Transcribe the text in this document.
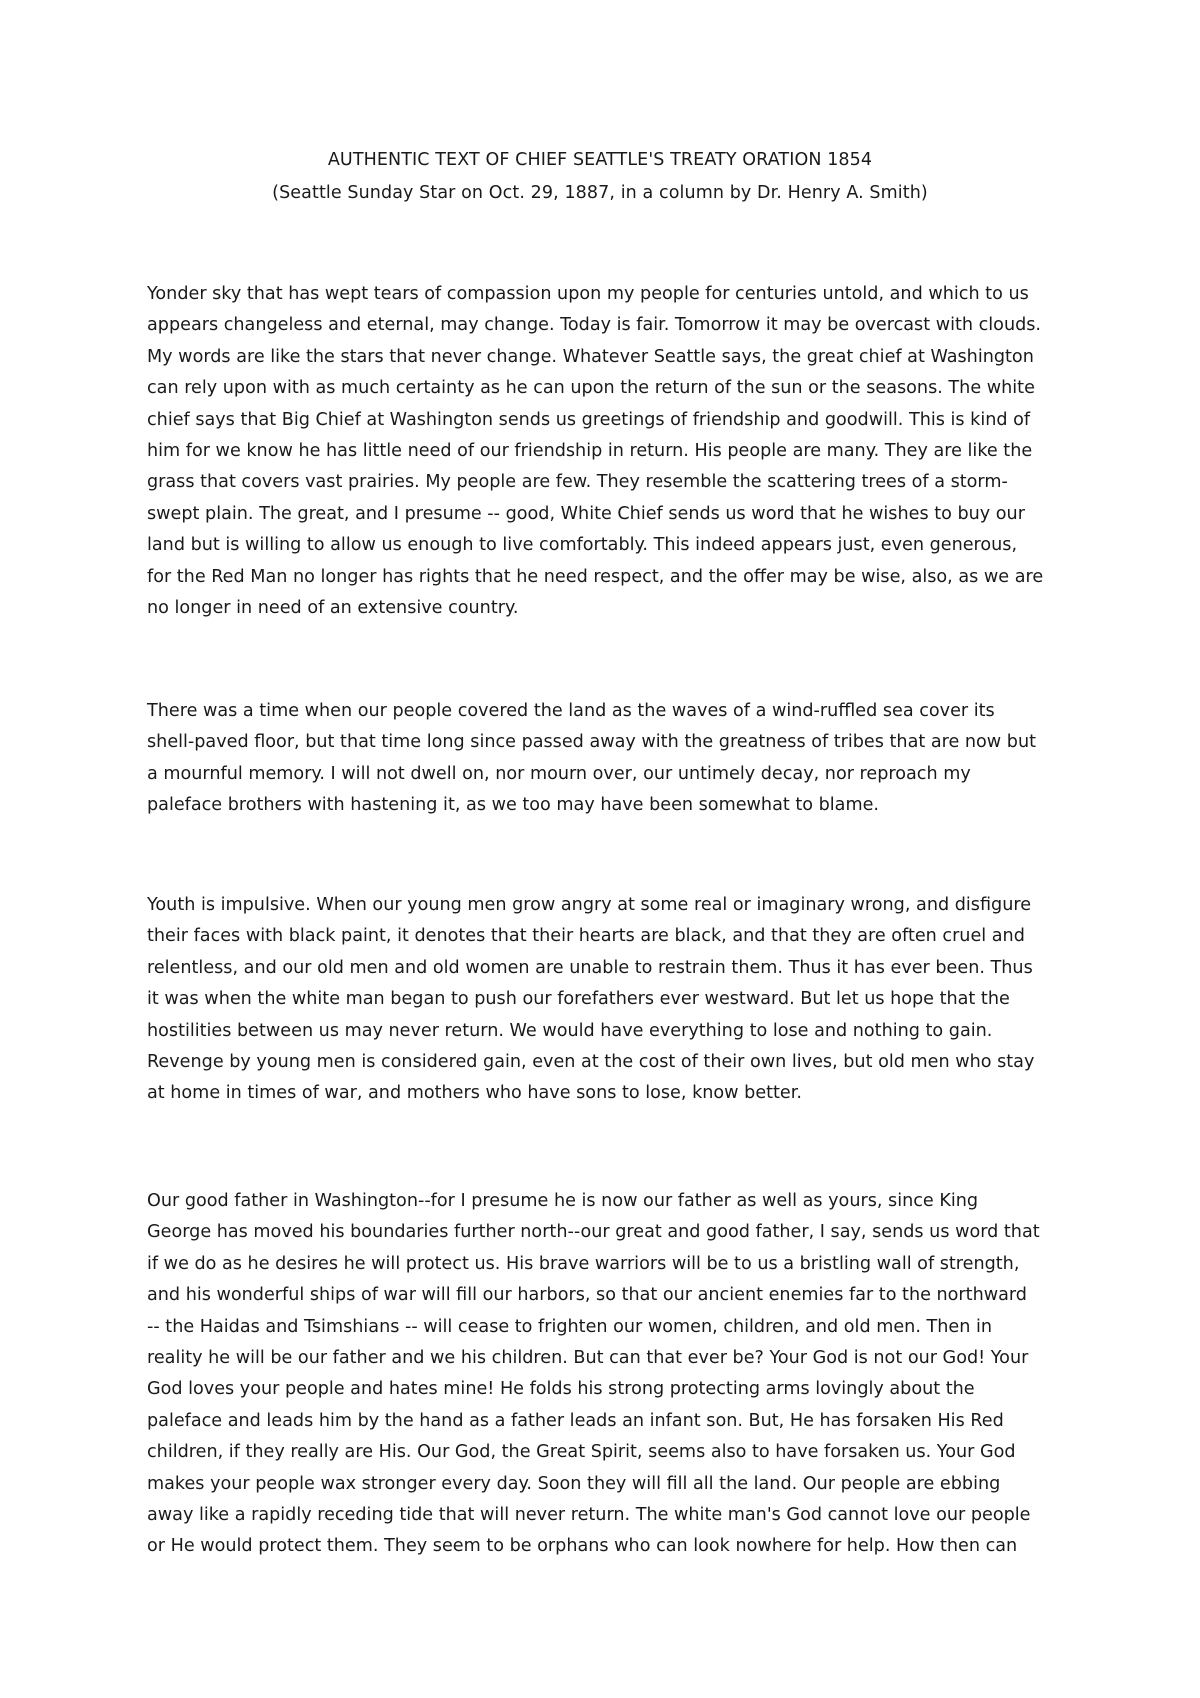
AUTHENTIC TEXT OF CHIEF SEATTLE'S TREATY ORATION 1854
(Seattle Sunday Star on Oct. 29, 1887, in a column by Dr. Henry A. Smith)
Yonder sky that has wept tears of compassion upon my people for centuries untold, and which to us
appears changeless and eternal, may change. Today is fair. Tomorrow it may be overcast with clouds.
My words are like the stars that never change. Whatever Seattle says, the great chief at Washington
can rely upon with as much certainty as he can upon the return of the sun or the seasons. The white
chief says that Big Chief at Washington sends us greetings of friendship and goodwill. This is kind of
him for we know he has little need of our friendship in return. His people are many. They are like the
grass that covers vast prairies. My people are few. They resemble the scattering trees of a storm-
swept plain. The great, and I presume -- good, White Chief sends us word that he wishes to buy our
land but is willing to allow us enough to live comfortably. This indeed appears just, even generous,
for the Red Man no longer has rights that he need respect, and the offer may be wise, also, as we are
no longer in need of an extensive country.
There was a time when our people covered the land as the waves of a wind-ruffled sea cover its
shell-paved floor, but that time long since passed away with the greatness of tribes that are now but
a mournful memory. I will not dwell on, nor mourn over, our untimely decay, nor reproach my
paleface brothers with hastening it, as we too may have been somewhat to blame.
Youth is impulsive. When our young men grow angry at some real or imaginary wrong, and disfigure
their faces with black paint, it denotes that their hearts are black, and that they are often cruel and
relentless, and our old men and old women are unable to restrain them. Thus it has ever been. Thus
it was when the white man began to push our forefathers ever westward. But let us hope that the
hostilities between us may never return. We would have everything to lose and nothing to gain.
Revenge by young men is considered gain, even at the cost of their own lives, but old men who stay
at home in times of war, and mothers who have sons to lose, know better.
Our good father in Washington--for I presume he is now our father as well as yours, since King
George has moved his boundaries further north--our great and good father, I say, sends us word that
if we do as he desires he will protect us. His brave warriors will be to us a bristling wall of strength,
and his wonderful ships of war will fill our harbors, so that our ancient enemies far to the northward
-- the Haidas and Tsimshians -- will cease to frighten our women, children, and old men. Then in
reality he will be our father and we his children. But can that ever be? Your God is not our God! Your
God loves your people and hates mine! He folds his strong protecting arms lovingly about the
paleface and leads him by the hand as a father leads an infant son. But, He has forsaken His Red
children, if they really are His. Our God, the Great Spirit, seems also to have forsaken us. Your God
makes your people wax stronger every day. Soon they will fill all the land. Our people are ebbing
away like a rapidly receding tide that will never return. The white man's God cannot love our people
or He would protect them. They seem to be orphans who can look nowhere for help. How then can
